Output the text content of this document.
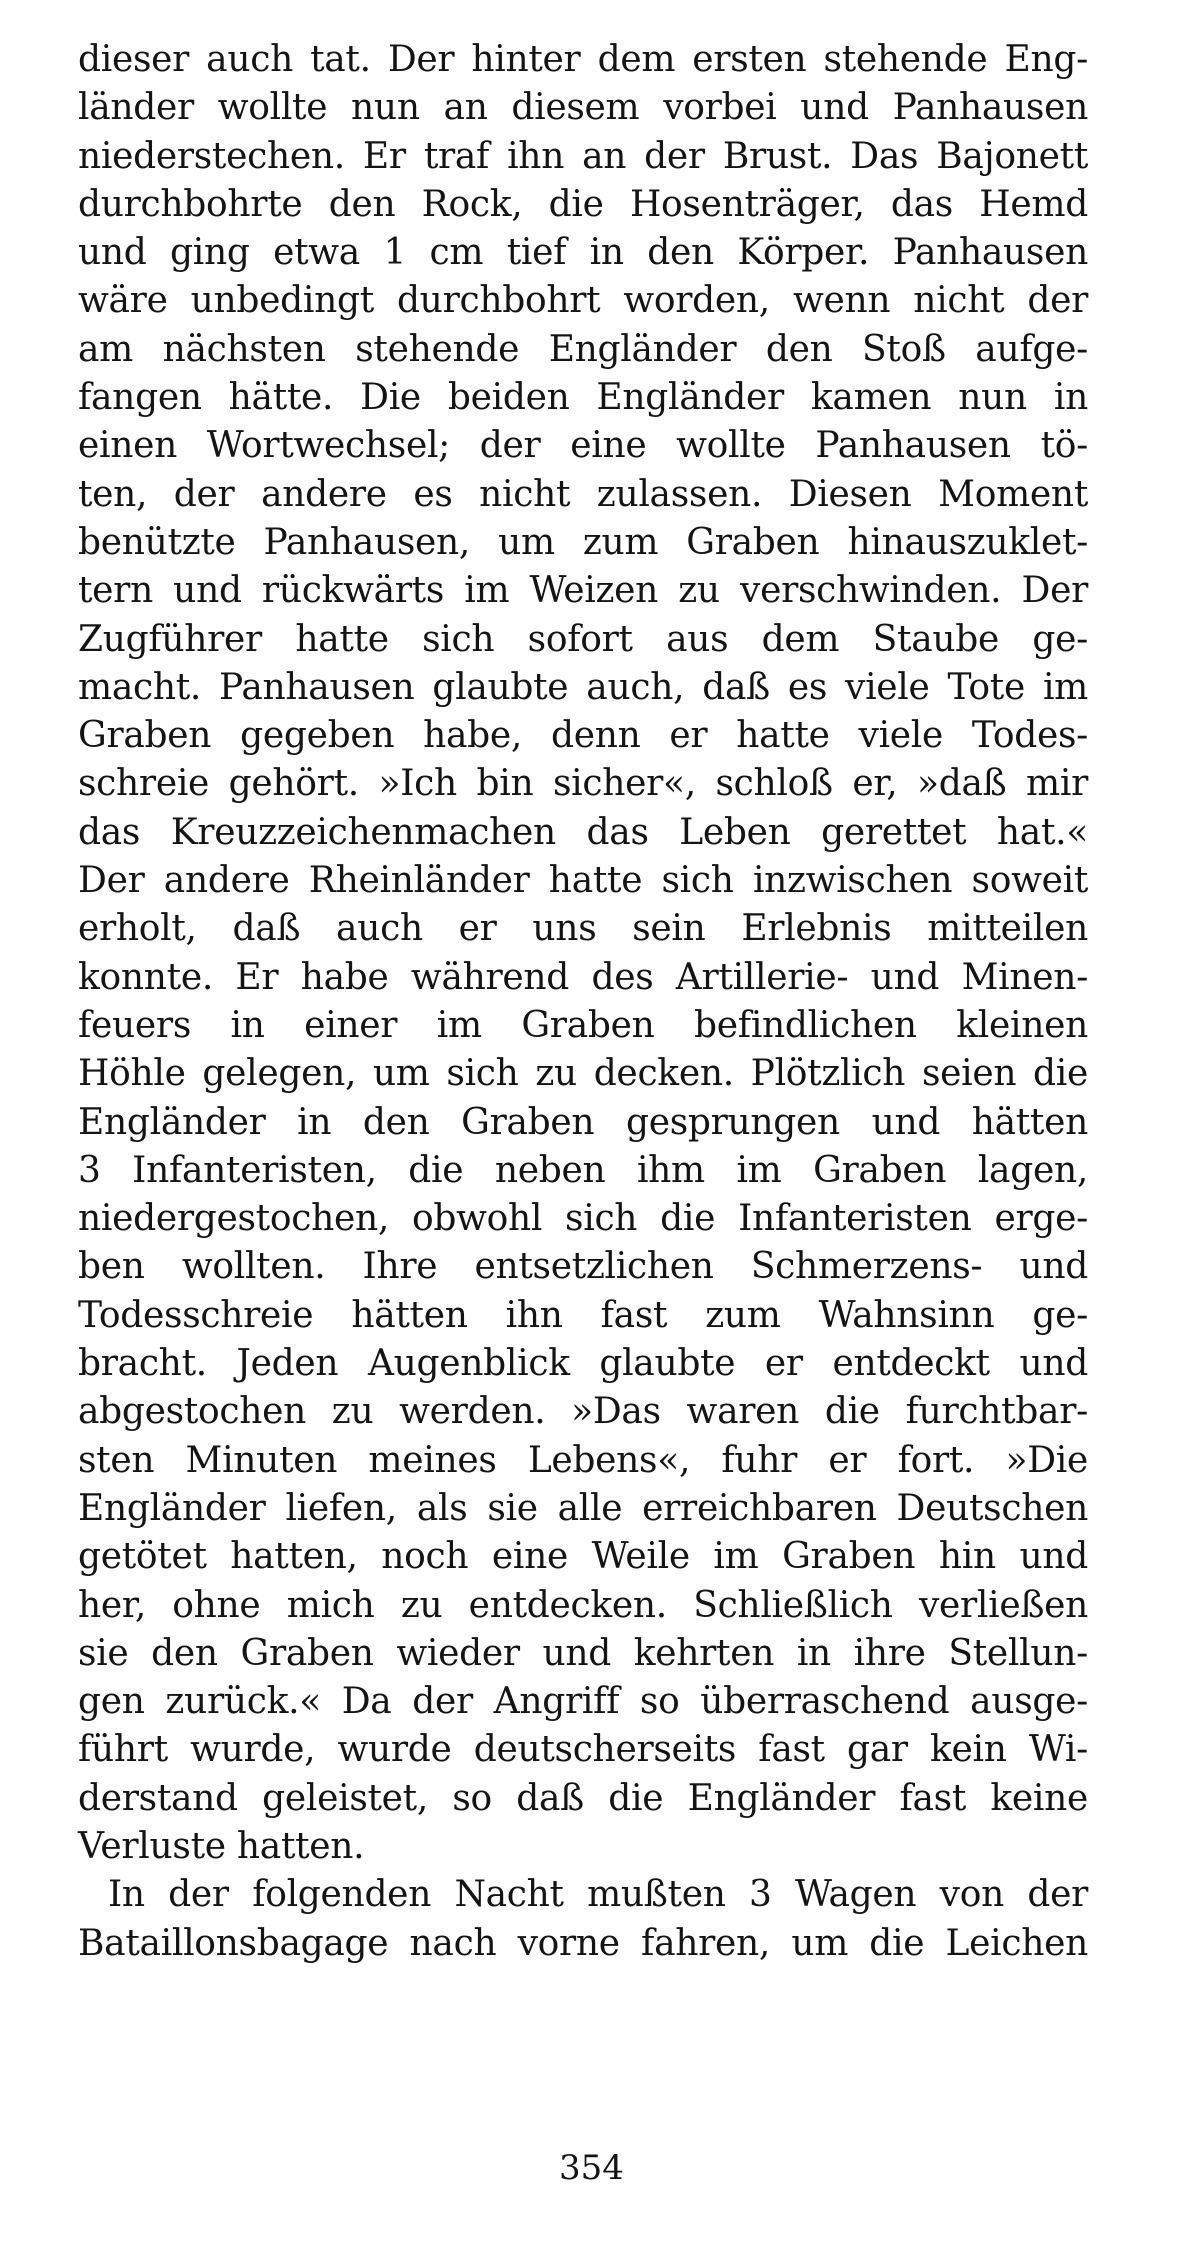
dieser auch tat. Der hinter dem ersten stehende Eng-
länder wollte nun an diesem vorbei und Panhausen
niederstechen. Er traf ihn an der Brust. Das Bajonett
durchbohrte den Rock, die Hosenträger, das Hemd
und ging etwa 1 cm tief in den Körper. Panhausen
wäre unbedingt durchbohrt worden, wenn nicht der
am nächsten stehende Engländer den Stoß aufge-
fangen hätte. Die beiden Engländer kamen nun in
einen Wortwechsel; der eine wollte Panhausen tö-
ten, der andere es nicht zulassen. Diesen Moment
benützte Panhausen, um zum Graben hinauszuklet-
tern und rückwärts im Weizen zu verschwinden. Der
Zugführer hatte sich sofort aus dem Staube ge-
macht. Panhausen glaubte auch, daß es viele Tote im
Graben gegeben habe, denn er hatte viele Todes-
schreie gehört. »Ich bin sicher«, schloß er, »daß mir
das Kreuzzeichenmachen das Leben gerettet hat.«
Der andere Rheinländer hatte sich inzwischen soweit
erholt, daß auch er uns sein Erlebnis mitteilen
konnte. Er habe während des Artillerie- und Minen-
feuers in einer im Graben befindlichen kleinen
Höhle gelegen, um sich zu decken. Plötzlich seien die
Engländer in den Graben gesprungen und hätten
3 Infanteristen, die neben ihm im Graben lagen,
niedergestochen, obwohl sich die Infanteristen erge-
ben wollten. Ihre entsetzlichen Schmerzens- und
Todesschreie hätten ihn fast zum Wahnsinn ge-
bracht. Jeden Augenblick glaubte er entdeckt und
abgestochen zu werden. »Das waren die furchtbar-
sten Minuten meines Lebens«, fuhr er fort. »Die
Engländer liefen, als sie alle erreichbaren Deutschen
getötet hatten, noch eine Weile im Graben hin und
her, ohne mich zu entdecken. Schließlich verließen
sie den Graben wieder und kehrten in ihre Stellun-
gen zurück.« Da der Angriff so überraschend ausge-
führt wurde, wurde deutscherseits fast gar kein Wi-
derstand geleistet, so daß die Engländer fast keine
Verluste hatten.
In der folgenden Nacht mußten 3 Wagen von der
Bataillonsbagage nach vorne fahren, um die Leichen
354
